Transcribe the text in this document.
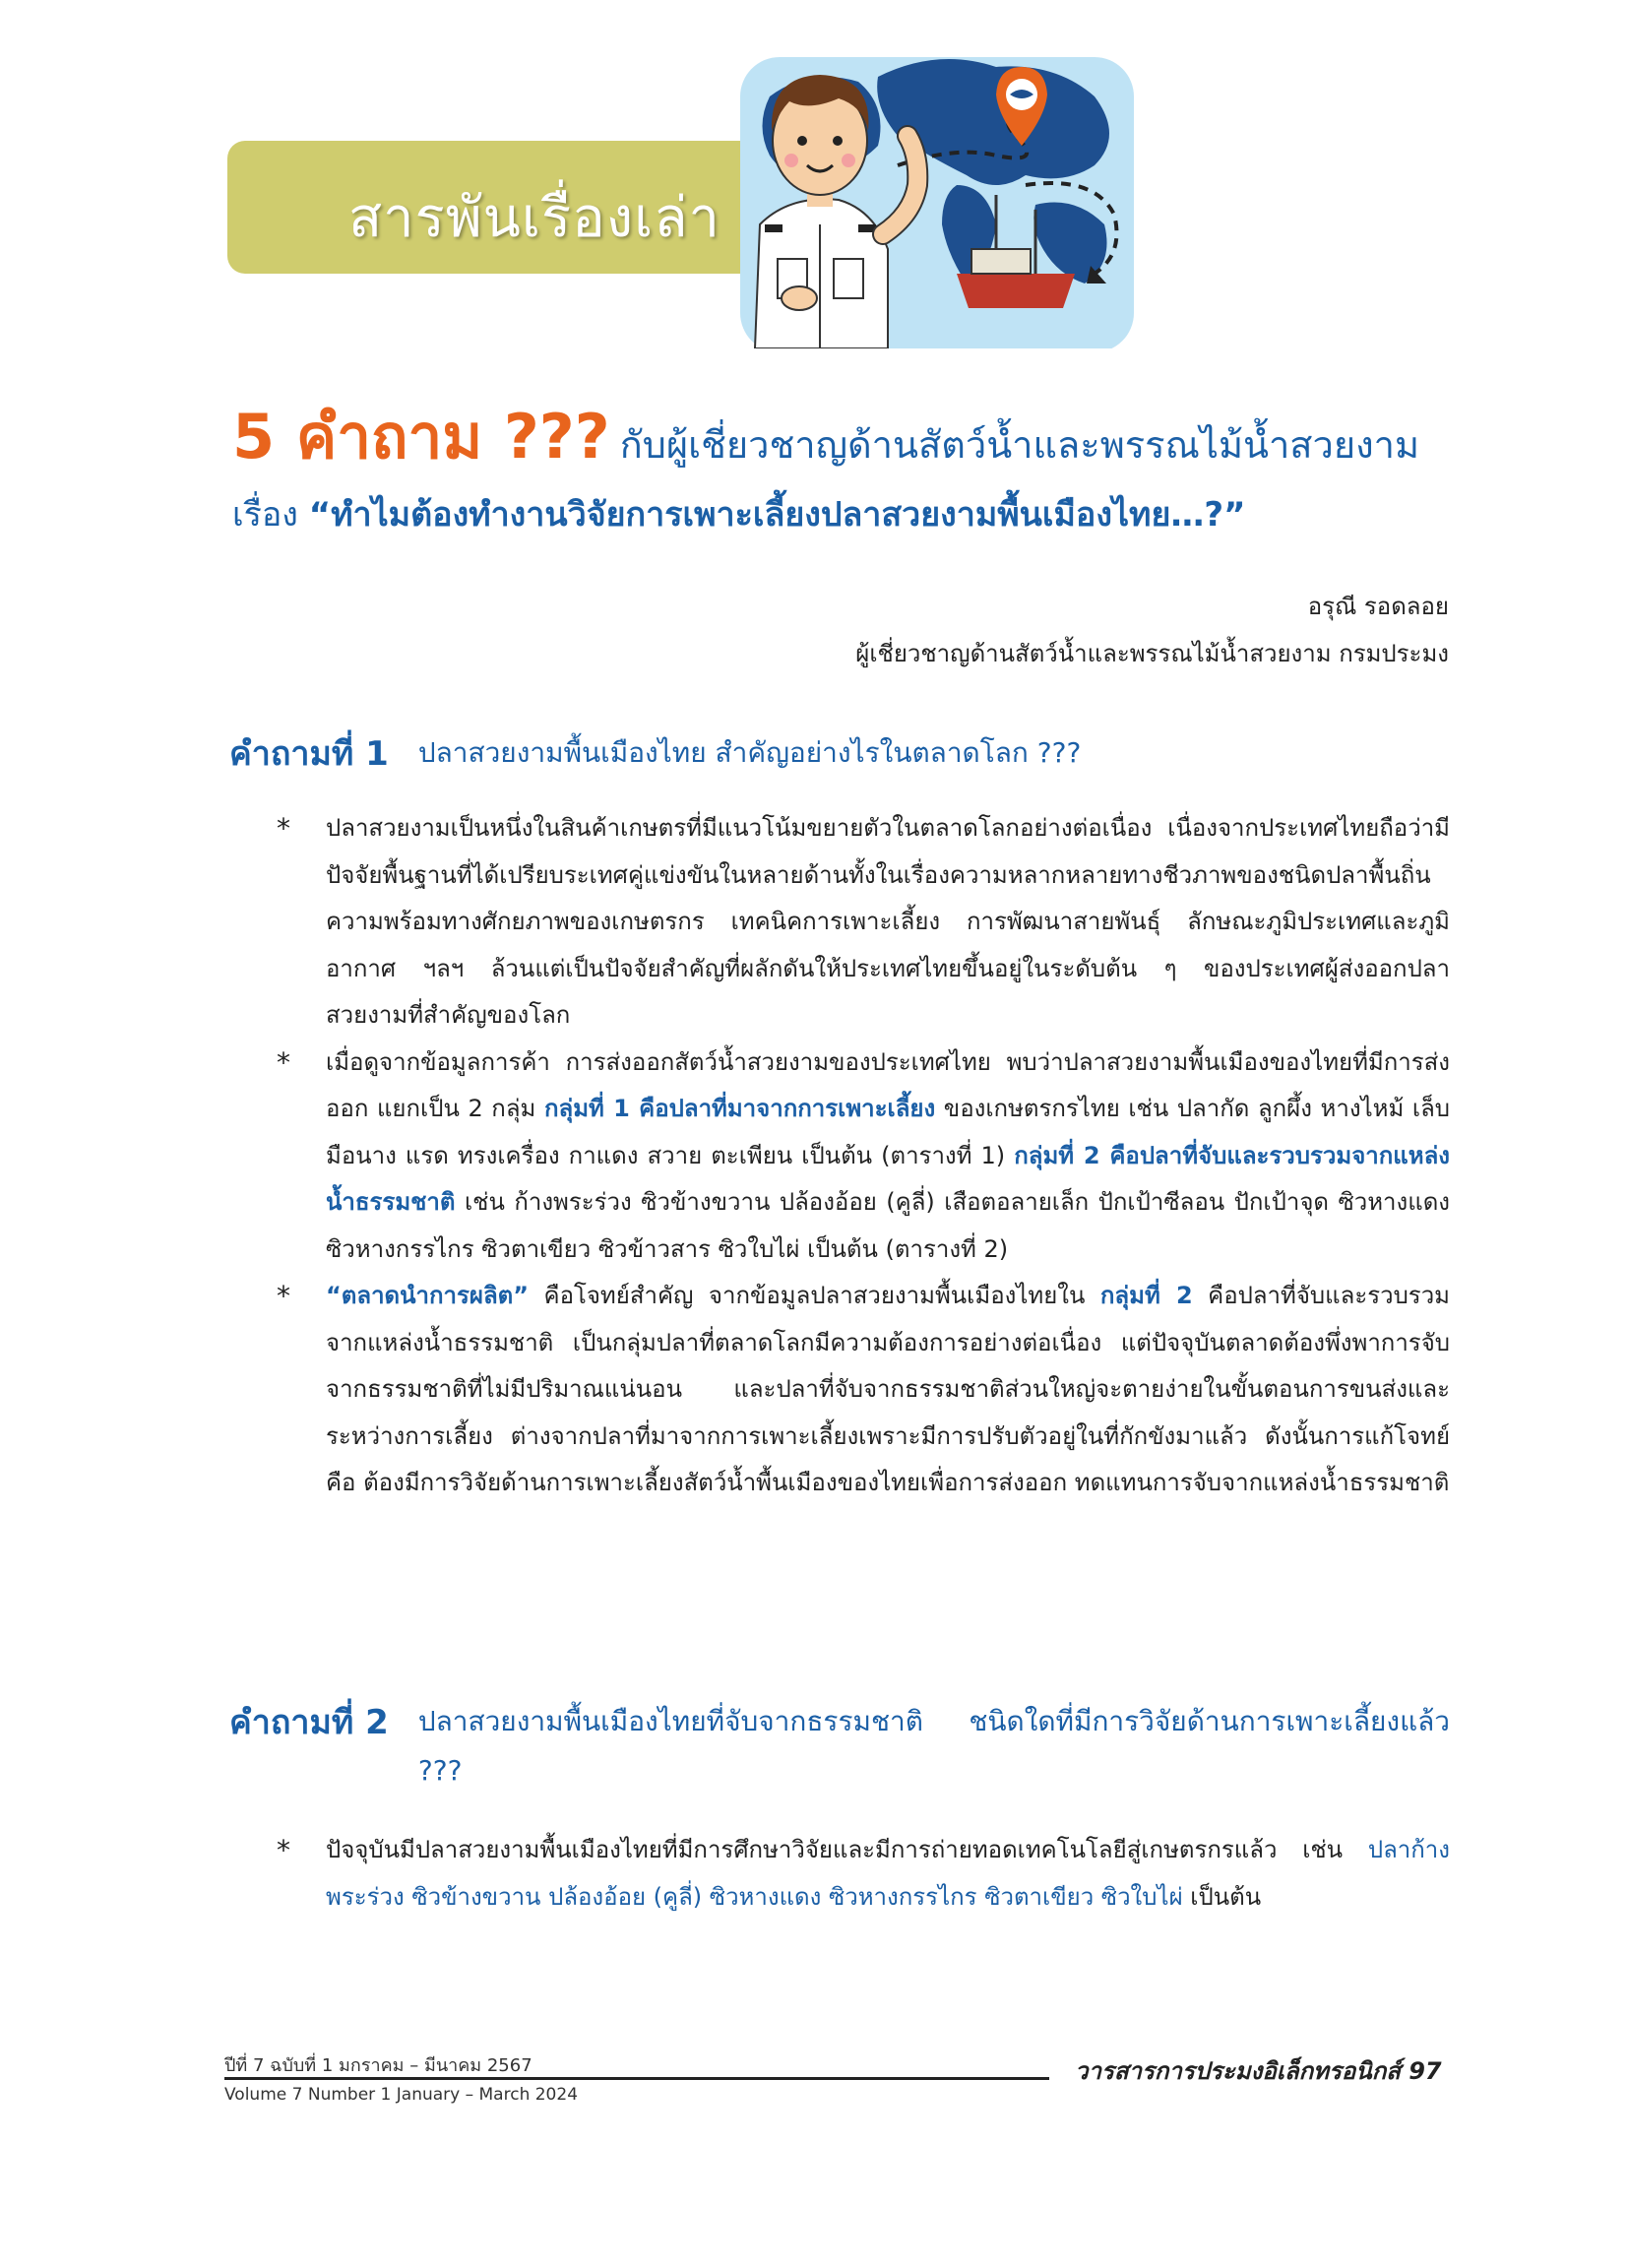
สารพันเรื่องเล่า
5 คำถาม ??? กับผู้เชี่ยวชาญด้านสัตว์น้ำและพรรณไม้น้ำสวยงาม
เรื่อง “ทำไมต้องทำงานวิจัยการเพาะเลี้ยงปลาสวยงามพื้นเมืองไทย…?”
อรุณี รอดลอย
ผู้เชี่ยวชาญด้านสัตว์น้ำและพรรณไม้น้ำสวยงาม กรมประมง
คำถามที่ 1 ปลาสวยงามพื้นเมืองไทย สำคัญอย่างไรในตลาดโลก ???
* ปลาสวยงามเป็นหนึ่งในสินค้าเกษตรที่มีแนวโน้มขยายตัวในตลาดโลกอย่างต่อเนื่อง เนื่องจากประเทศไทยถือว่ามีปัจจัยพื้นฐานที่ได้เปรียบระเทศคู่แข่งขันในหลายด้านทั้งในเรื่องความหลากหลายทางชีวภาพของชนิดปลาพื้นถิ่น ความพร้อมทางศักยภาพของเกษตรกร เทคนิคการเพาะเลี้ยง การพัฒนาสายพันธุ์ ลักษณะภูมิประเทศและภูมิอากาศ ฯลฯ ล้วนแต่เป็นปัจจัยสำคัญที่ผลักดันให้ประเทศไทยขึ้นอยู่ในระดับต้น ๆ ของประเทศผู้ส่งออกปลาสวยงามที่สำคัญของโลก
* เมื่อดูจากข้อมูลการค้า การส่งออกสัตว์น้ำสวยงามของประเทศไทย พบว่าปลาสวยงามพื้นเมืองของไทยที่มีการส่งออก แยกเป็น 2 กลุ่ม กลุ่มที่ 1 คือปลาที่มาจากการเพาะเลี้ยง ของเกษตรกรไทย เช่น ปลากัด ลูกผึ้ง หางไหม้ เล็บมือนาง แรด ทรงเครื่อง กาแดง สวาย ตะเพียน เป็นต้น (ตารางที่ 1) กลุ่มที่ 2 คือปลาที่จับและรวบรวมจากแหล่งน้ำธรรมชาติ เช่น ก้างพระร่วง ซิวข้างขวาน ปล้องอ้อย (คูลี่) เสือตอลายเล็ก ปักเป้าซีลอน ปักเป้าจุด ซิวหางแดง ซิวหางกรรไกร ซิวตาเขียว ซิวข้าวสาร ซิวใบไผ่ เป็นต้น (ตารางที่ 2)
* “ตลาดนำการผลิต” คือโจทย์สำคัญ จากข้อมูลปลาสวยงามพื้นเมืองไทยใน กลุ่มที่ 2 คือปลาที่จับและรวบรวมจากแหล่งน้ำธรรมชาติ เป็นกลุ่มปลาที่ตลาดโลกมีความต้องการอย่างต่อเนื่อง แต่ปัจจุบันตลาดต้องพึ่งพาการจับจากธรรมชาติที่ไม่มีปริมาณแน่นอน และปลาที่จับจากธรรมชาติส่วนใหญ่จะตายง่ายในขั้นตอนการขนส่งและระหว่างการเลี้ยง ต่างจากปลาที่มาจากการเพาะเลี้ยงเพราะมีการปรับตัวอยู่ในที่กักขังมาแล้ว ดังนั้นการแก้โจทย์คือ ต้องมีการวิจัยด้านการเพาะเลี้ยงสัตว์น้ำพื้นเมืองของไทยเพื่อการส่งออก ทดแทนการจับจากแหล่งน้ำธรรมชาติ
คำถามที่ 2 ปลาสวยงามพื้นเมืองไทยที่จับจากธรรมชาติ ชนิดใดที่มีการวิจัยด้านการเพาะเลี้ยงแล้ว ???
* ปัจจุบันมีปลาสวยงามพื้นเมืองไทยที่มีการศึกษาวิจัยและมีการถ่ายทอดเทคโนโลยีสู่เกษตรกรแล้ว เช่น ปลาก้างพระร่วง ซิวข้างขวาน ปล้องอ้อย (คูลี่) ซิวหางแดง ซิวหางกรรไกร ซิวตาเขียว ซิวใบไผ่ เป็นต้น
ปีที่ 7 ฉบับที่ 1 มกราคม – มีนาคม 2567	วารสารการประมงอิเล็กทรอนิกส์ 97
Volume 7 Number 1 January – March 2024
